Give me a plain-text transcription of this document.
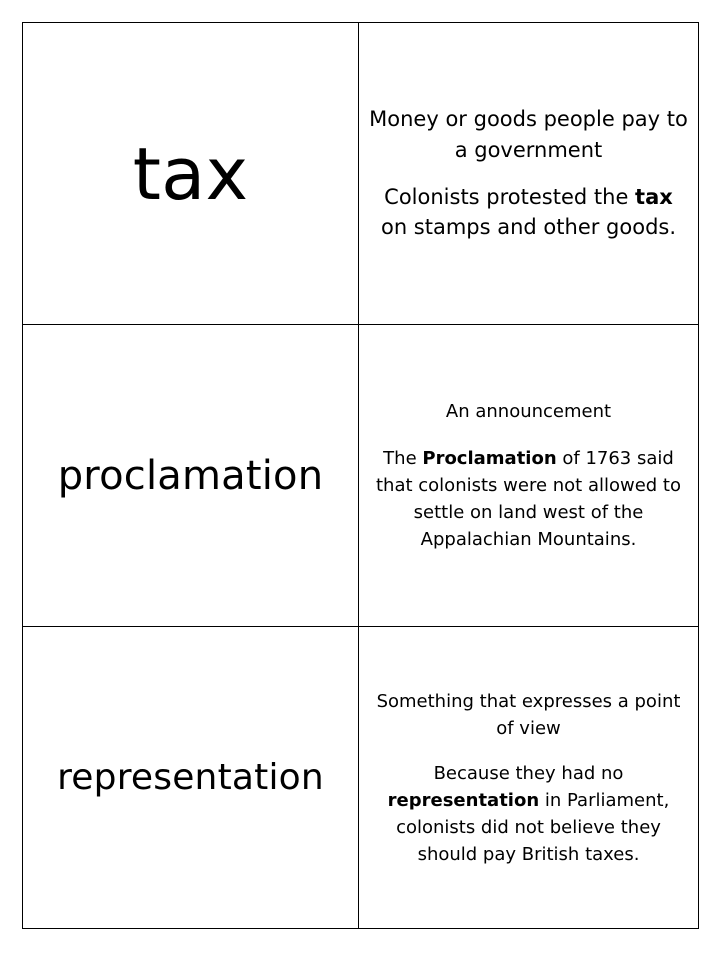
tax	Money or goods people pay to a government

Colonists protested the tax on stamps and other goods.

proclamation	An announcement

The Proclamation of 1763 said that colonists were not allowed to settle on land west of the Appalachian Mountains.

representation	Something that expresses a point of view

Because they had no representation in Parliament, colonists did not believe they should pay British taxes.
